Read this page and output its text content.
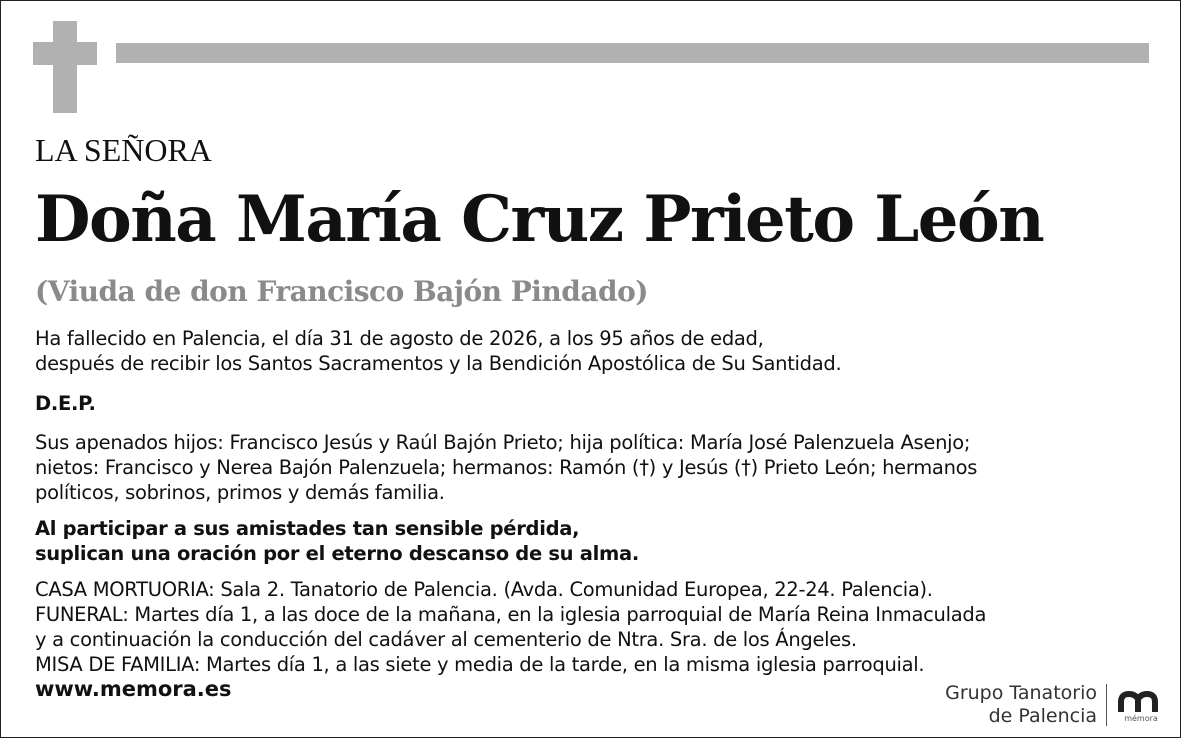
LA SEÑORA
Doña María Cruz Prieto León
(Viuda de don Francisco Bajón Pindado)
Ha fallecido en Palencia, el día 31 de agosto de 2026, a los 95 años de edad,
después de recibir los Santos Sacramentos y la Bendición Apostólica de Su Santidad.
D.E.P.
Sus apenados hijos: Francisco Jesús y Raúl Bajón Prieto; hija política: María José Palenzuela Asenjo;
nietos: Francisco y Nerea Bajón Palenzuela; hermanos: Ramón (†) y Jesús (†) Prieto León; hermanos
políticos, sobrinos, primos y demás familia.
Al participar a sus amistades tan sensible pérdida,
suplican una oración por el eterno descanso de su alma.
CASA MORTUORIA: Sala 2. Tanatorio de Palencia. (Avda. Comunidad Europea, 22-24. Palencia).
FUNERAL: Martes día 1, a las doce de la mañana, en la iglesia parroquial de María Reina Inmaculada
y a continuación la conducción del cadáver al cementerio de Ntra. Sra. de los Ángeles.
MISA DE FAMILIA: Martes día 1, a las siete y media de la tarde, en la misma iglesia parroquial.
www.memora.es	Grupo Tanatorio
de Palencia	mémora
